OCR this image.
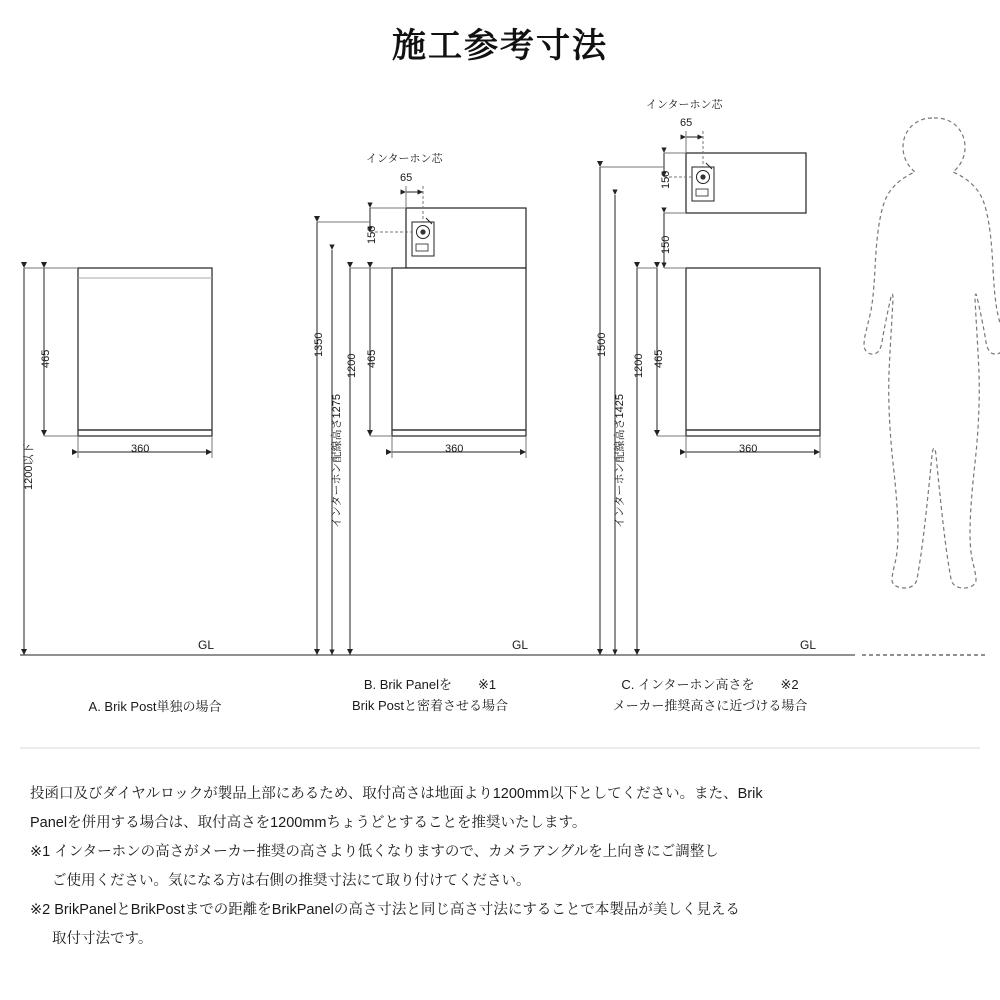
施工参考寸法
465
1200以下	360
インターホン芯
65
150
465
1200
1350
インターホン配線高さ1275	360
インターホン芯
65
150
150
465
1200
1500
インターホン配線高さ1425	360
GL	GL	GL
A. Brik Post単独の場合
B. Brik Panelを ※1
Brik Postと密着させる場合
C. インターホン高さを ※2
メーカー推奨高さに近づける場合

投函口及びダイヤルロックが製品上部にあるため、取付高さは地面より1200mm以下としてください。また、Brik

Panelを併用する場合は、取付高さを1200mmちょうどとすることを推奨いたします。

※1 インターホンの高さがメーカー推奨の高さより低くなりますので、カメラアングルを上向きにご調整し

ご使用ください。気になる方は右側の推奨寸法にて取り付けてください。

※2 BrikPanelとBrikPostまでの距離をBrikPanelの高さ寸法と同じ高さ寸法にすることで本製品が美しく見える

取付寸法です。
